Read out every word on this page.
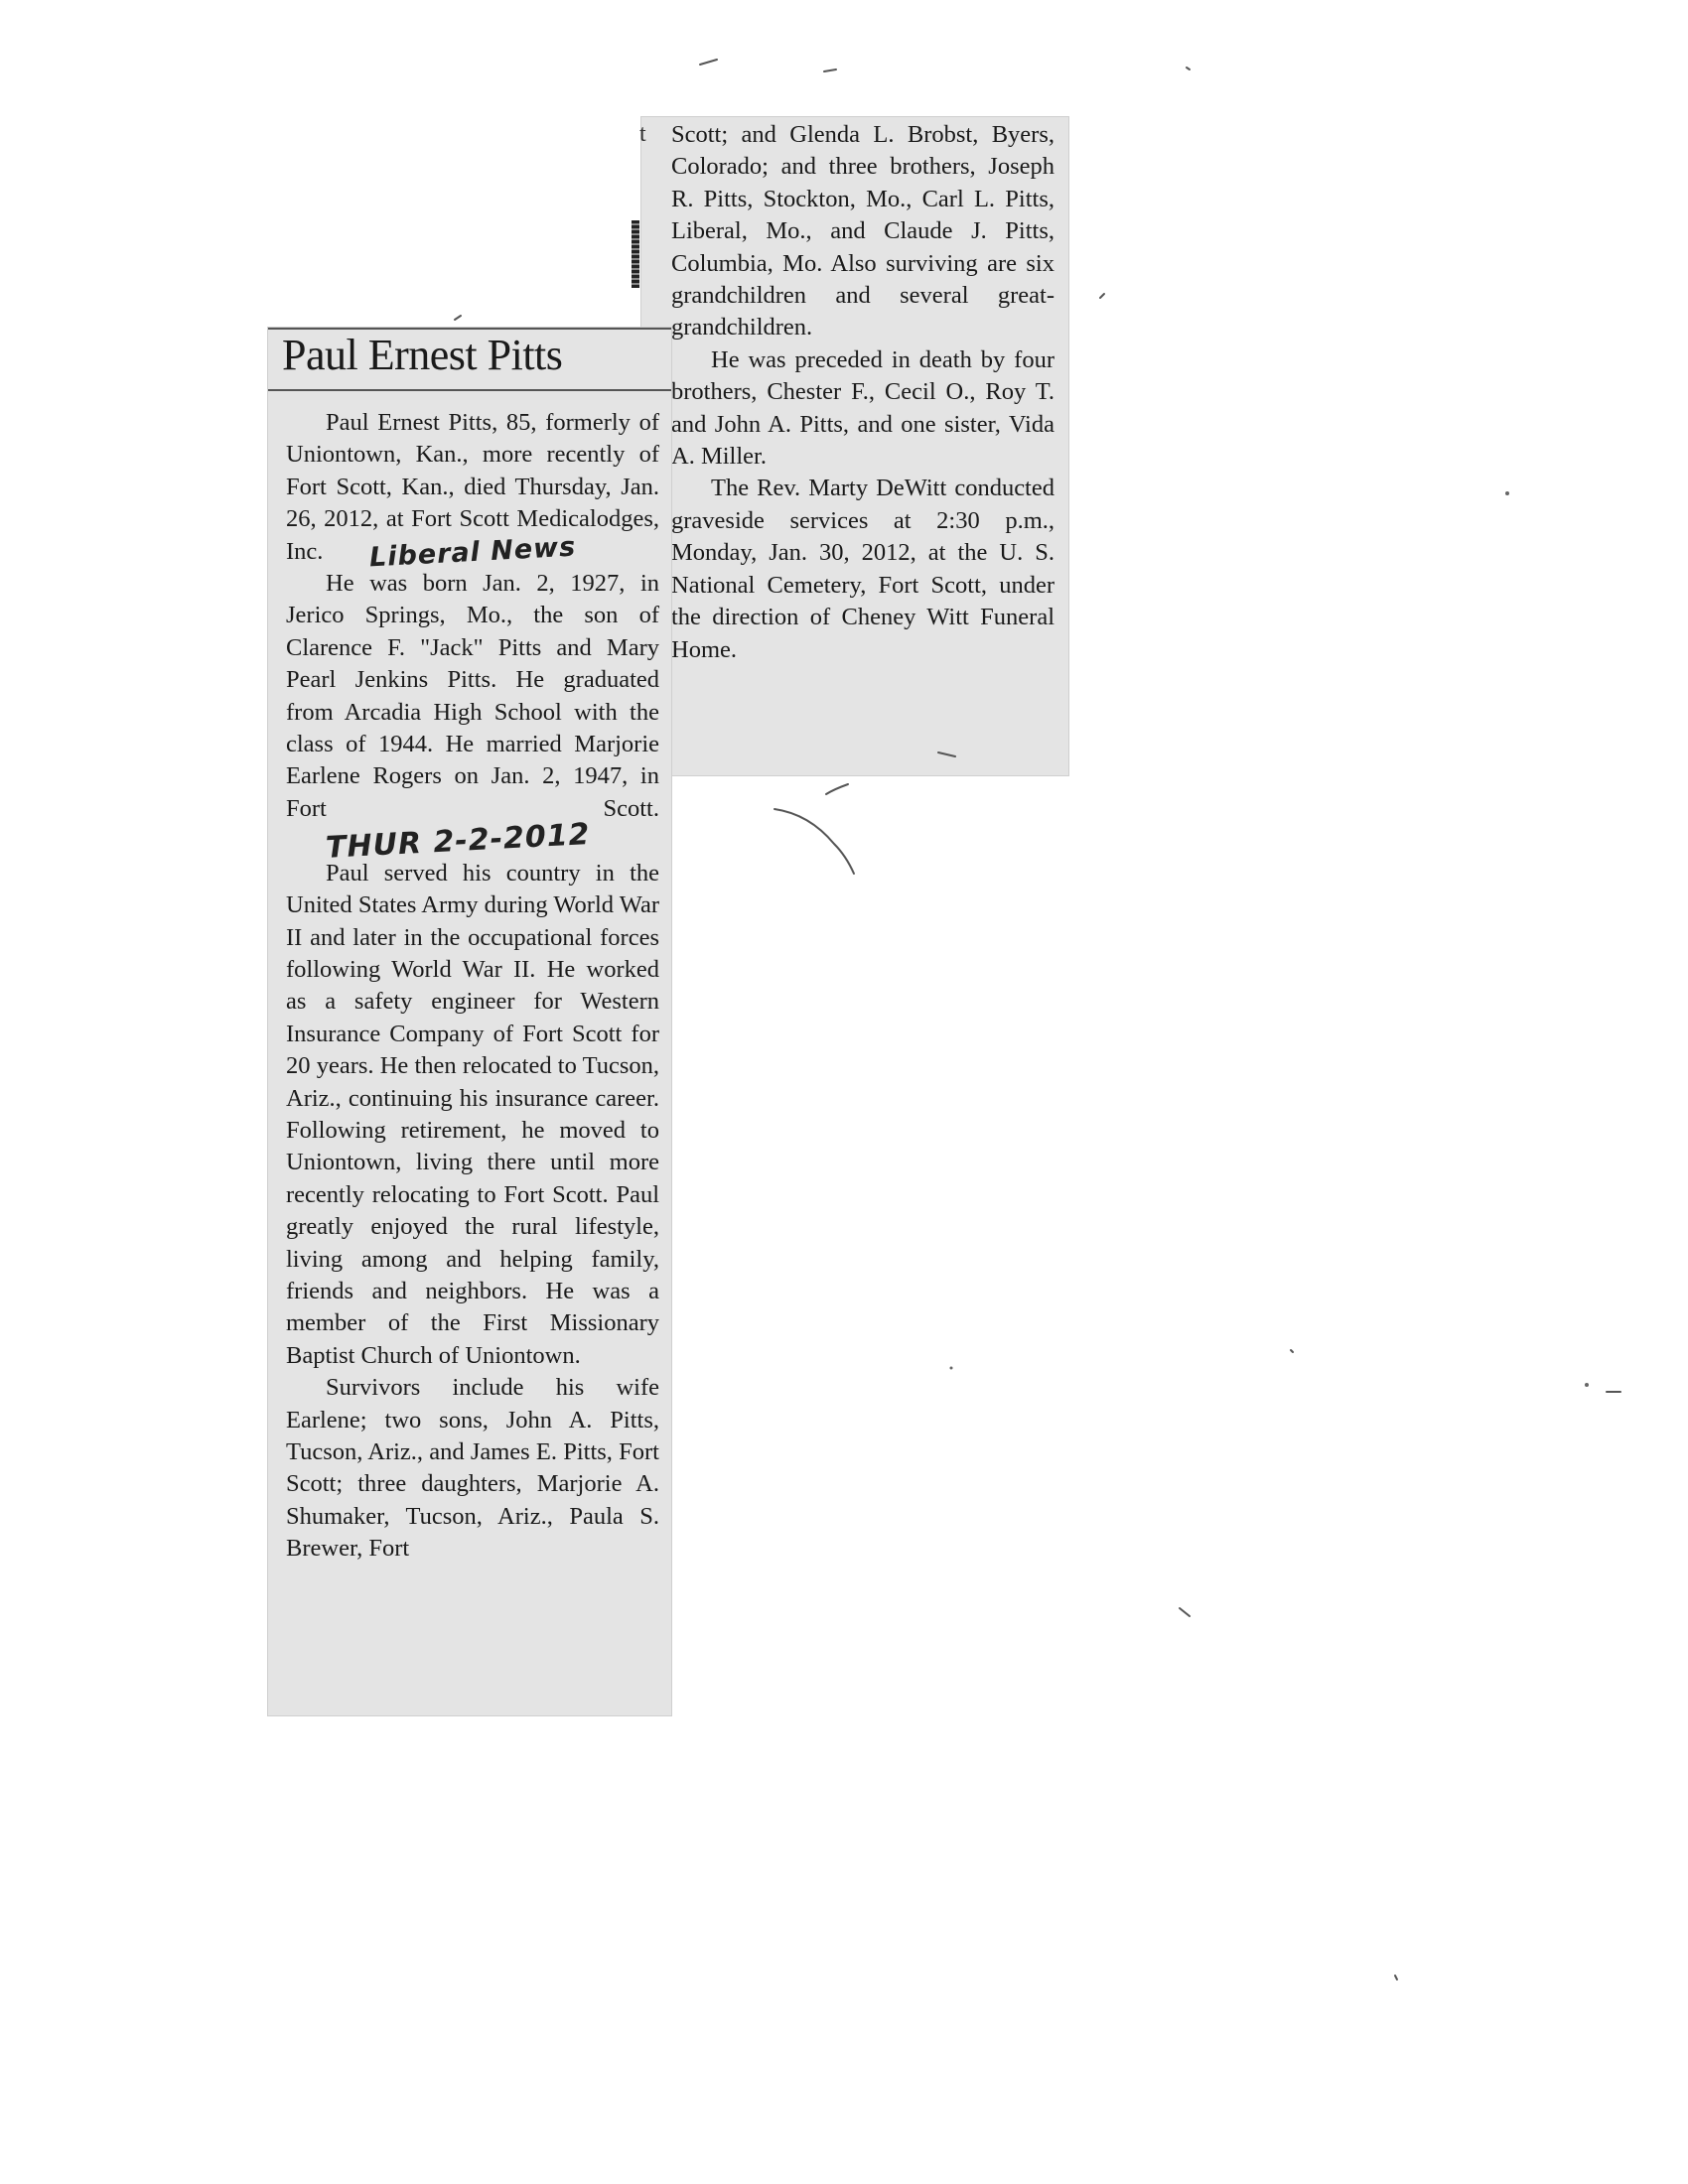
t Scott; and Glenda L. Brobst, Byers, Colorado; and three brothers, Joseph R. Pitts, Stockton, Mo., Carl L. Pitts, Liberal, Mo., and Claude J. Pitts, Columbia, Mo. Also surviving are six grandchildren and several great-grandchildren.

He was preceded in death by four brothers, Chester F., Cecil O., Roy T. and John A. Pitts, and one sister, Vida A. Miller.

The Rev. Marty DeWitt conducted graveside services at 2:30 p.m., Monday, Jan. 30, 2012, at the U. S. National Cemetery, Fort Scott, under the direction of Cheney Witt Funeral Home.

Paul Ernest Pitts

Paul Ernest Pitts, 85, formerly of Uniontown, Kan., more recently of Fort Scott, Kan., died Thursday, Jan. 26, 2012, at Fort Scott Medicalodges, Inc. Liberal News

He was born Jan. 2, 1927, in Jerico Springs, Mo., the son of Clarence F. "Jack" Pitts and Mary Pearl Jenkins Pitts. He graduated from Arcadia High School with the class of 1944. He married Marjorie Earlene Rogers on Jan. 2, 1947, in Fort Scott. THUR 2-2-2012

Paul served his country in the United States Army during World War II and later in the occupational forces following World War II. He worked as a safety engineer for Western Insurance Company of Fort Scott for 20 years. He then relocated to Tucson, Ariz., continuing his insurance career. Following retirement, he moved to Uniontown, living there until more recently relocating to Fort Scott. Paul greatly enjoyed the rural lifestyle, living among and helping family, friends and neighbors. He was a member of the First Missionary Baptist Church of Uniontown.

Survivors include his wife Earlene; two sons, John A. Pitts, Tucson, Ariz., and James E. Pitts, Fort Scott; three daughters, Marjorie A. Shumaker, Tucson, Ariz., Paula S. Brewer, Fort
